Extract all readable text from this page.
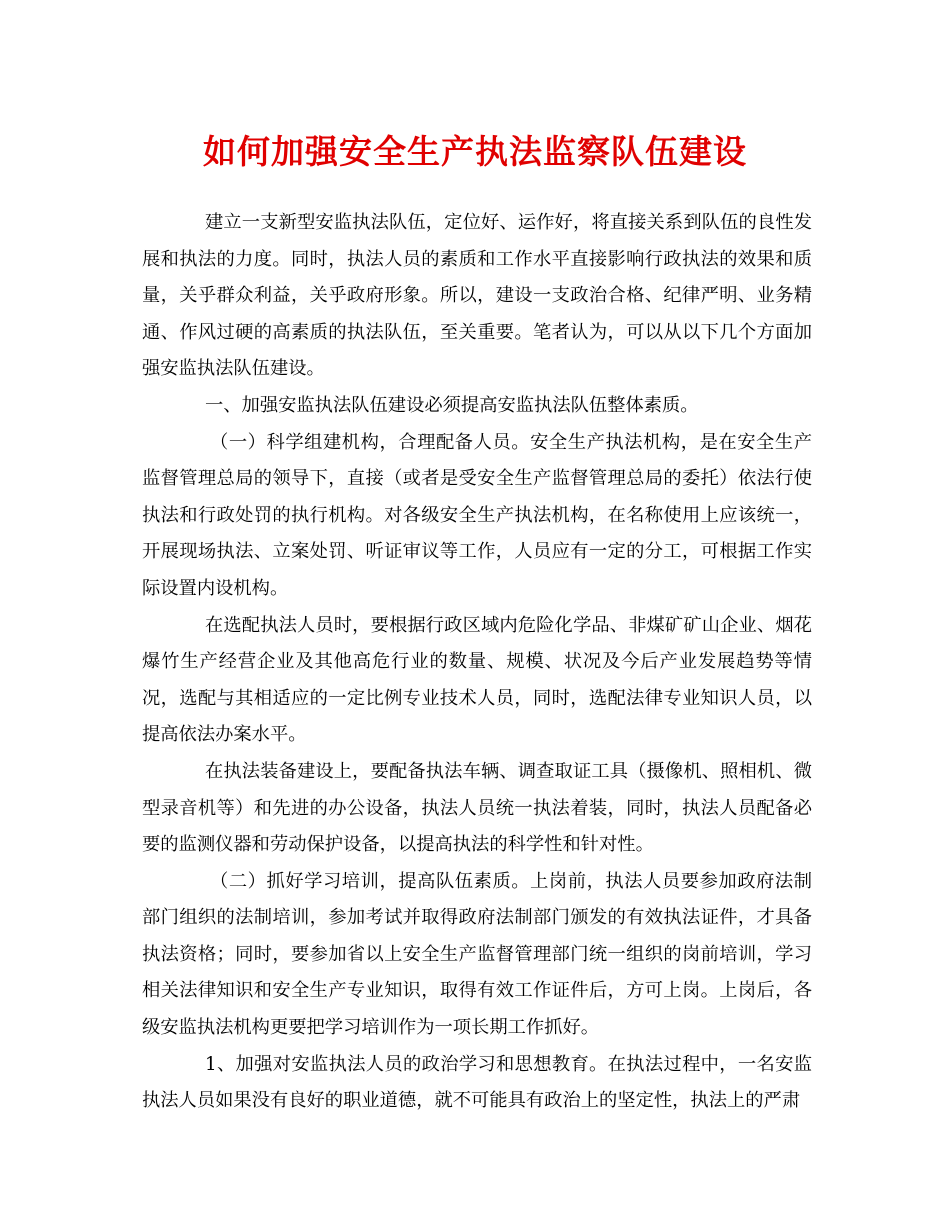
如何加强安全生产执法监察队伍建设

建立一支新型安监执法队伍，定位好、运作好，将直接关系到队伍的良性发展和执法的力度。同时，执法人员的素质和工作水平直接影响行政执法的效果和质量，关乎群众利益，关乎政府形象。所以，建设一支政治合格、纪律严明、业务精通、作风过硬的高素质的执法队伍，至关重要。笔者认为，可以从以下几个方面加强安监执法队伍建设。

一、加强安监执法队伍建设必须提高安监执法队伍整体素质。

（一）科学组建机构，合理配备人员。安全生产执法机构，是在安全生产监督管理总局的领导下，直接（或者是受安全生产监督管理总局的委托）依法行使执法和行政处罚的执行机构。对各级安全生产执法机构，在名称使用上应该统一，开展现场执法、立案处罚、听证审议等工作，人员应有一定的分工，可根据工作实际设置内设机构。

在选配执法人员时，要根据行政区域内危险化学品、非煤矿矿山企业、烟花爆竹生产经营企业及其他高危行业的数量、规模、状况及今后产业发展趋势等情况，选配与其相适应的一定比例专业技术人员，同时，选配法律专业知识人员，以提高依法办案水平。

在执法装备建设上，要配备执法车辆、调查取证工具（摄像机、照相机、微型录音机等）和先进的办公设备，执法人员统一执法着装，同时，执法人员配备必要的监测仪器和劳动保护设备，以提高执法的科学性和针对性。

（二）抓好学习培训，提高队伍素质。上岗前，执法人员要参加政府法制部门组织的法制培训，参加考试并取得政府法制部门颁发的有效执法证件，才具备执法资格；同时，要参加省以上安全生产监督管理部门统一组织的岗前培训，学习相关法律知识和安全生产专业知识，取得有效工作证件后，方可上岗。上岗后，各级安监执法机构更要把学习培训作为一项长期工作抓好。

1、加强对安监执法人员的政治学习和思想教育。在执法过程中，一名安监执法人员如果没有良好的职业道德，就不可能具有政治上的坚定性，执法上的严肃
